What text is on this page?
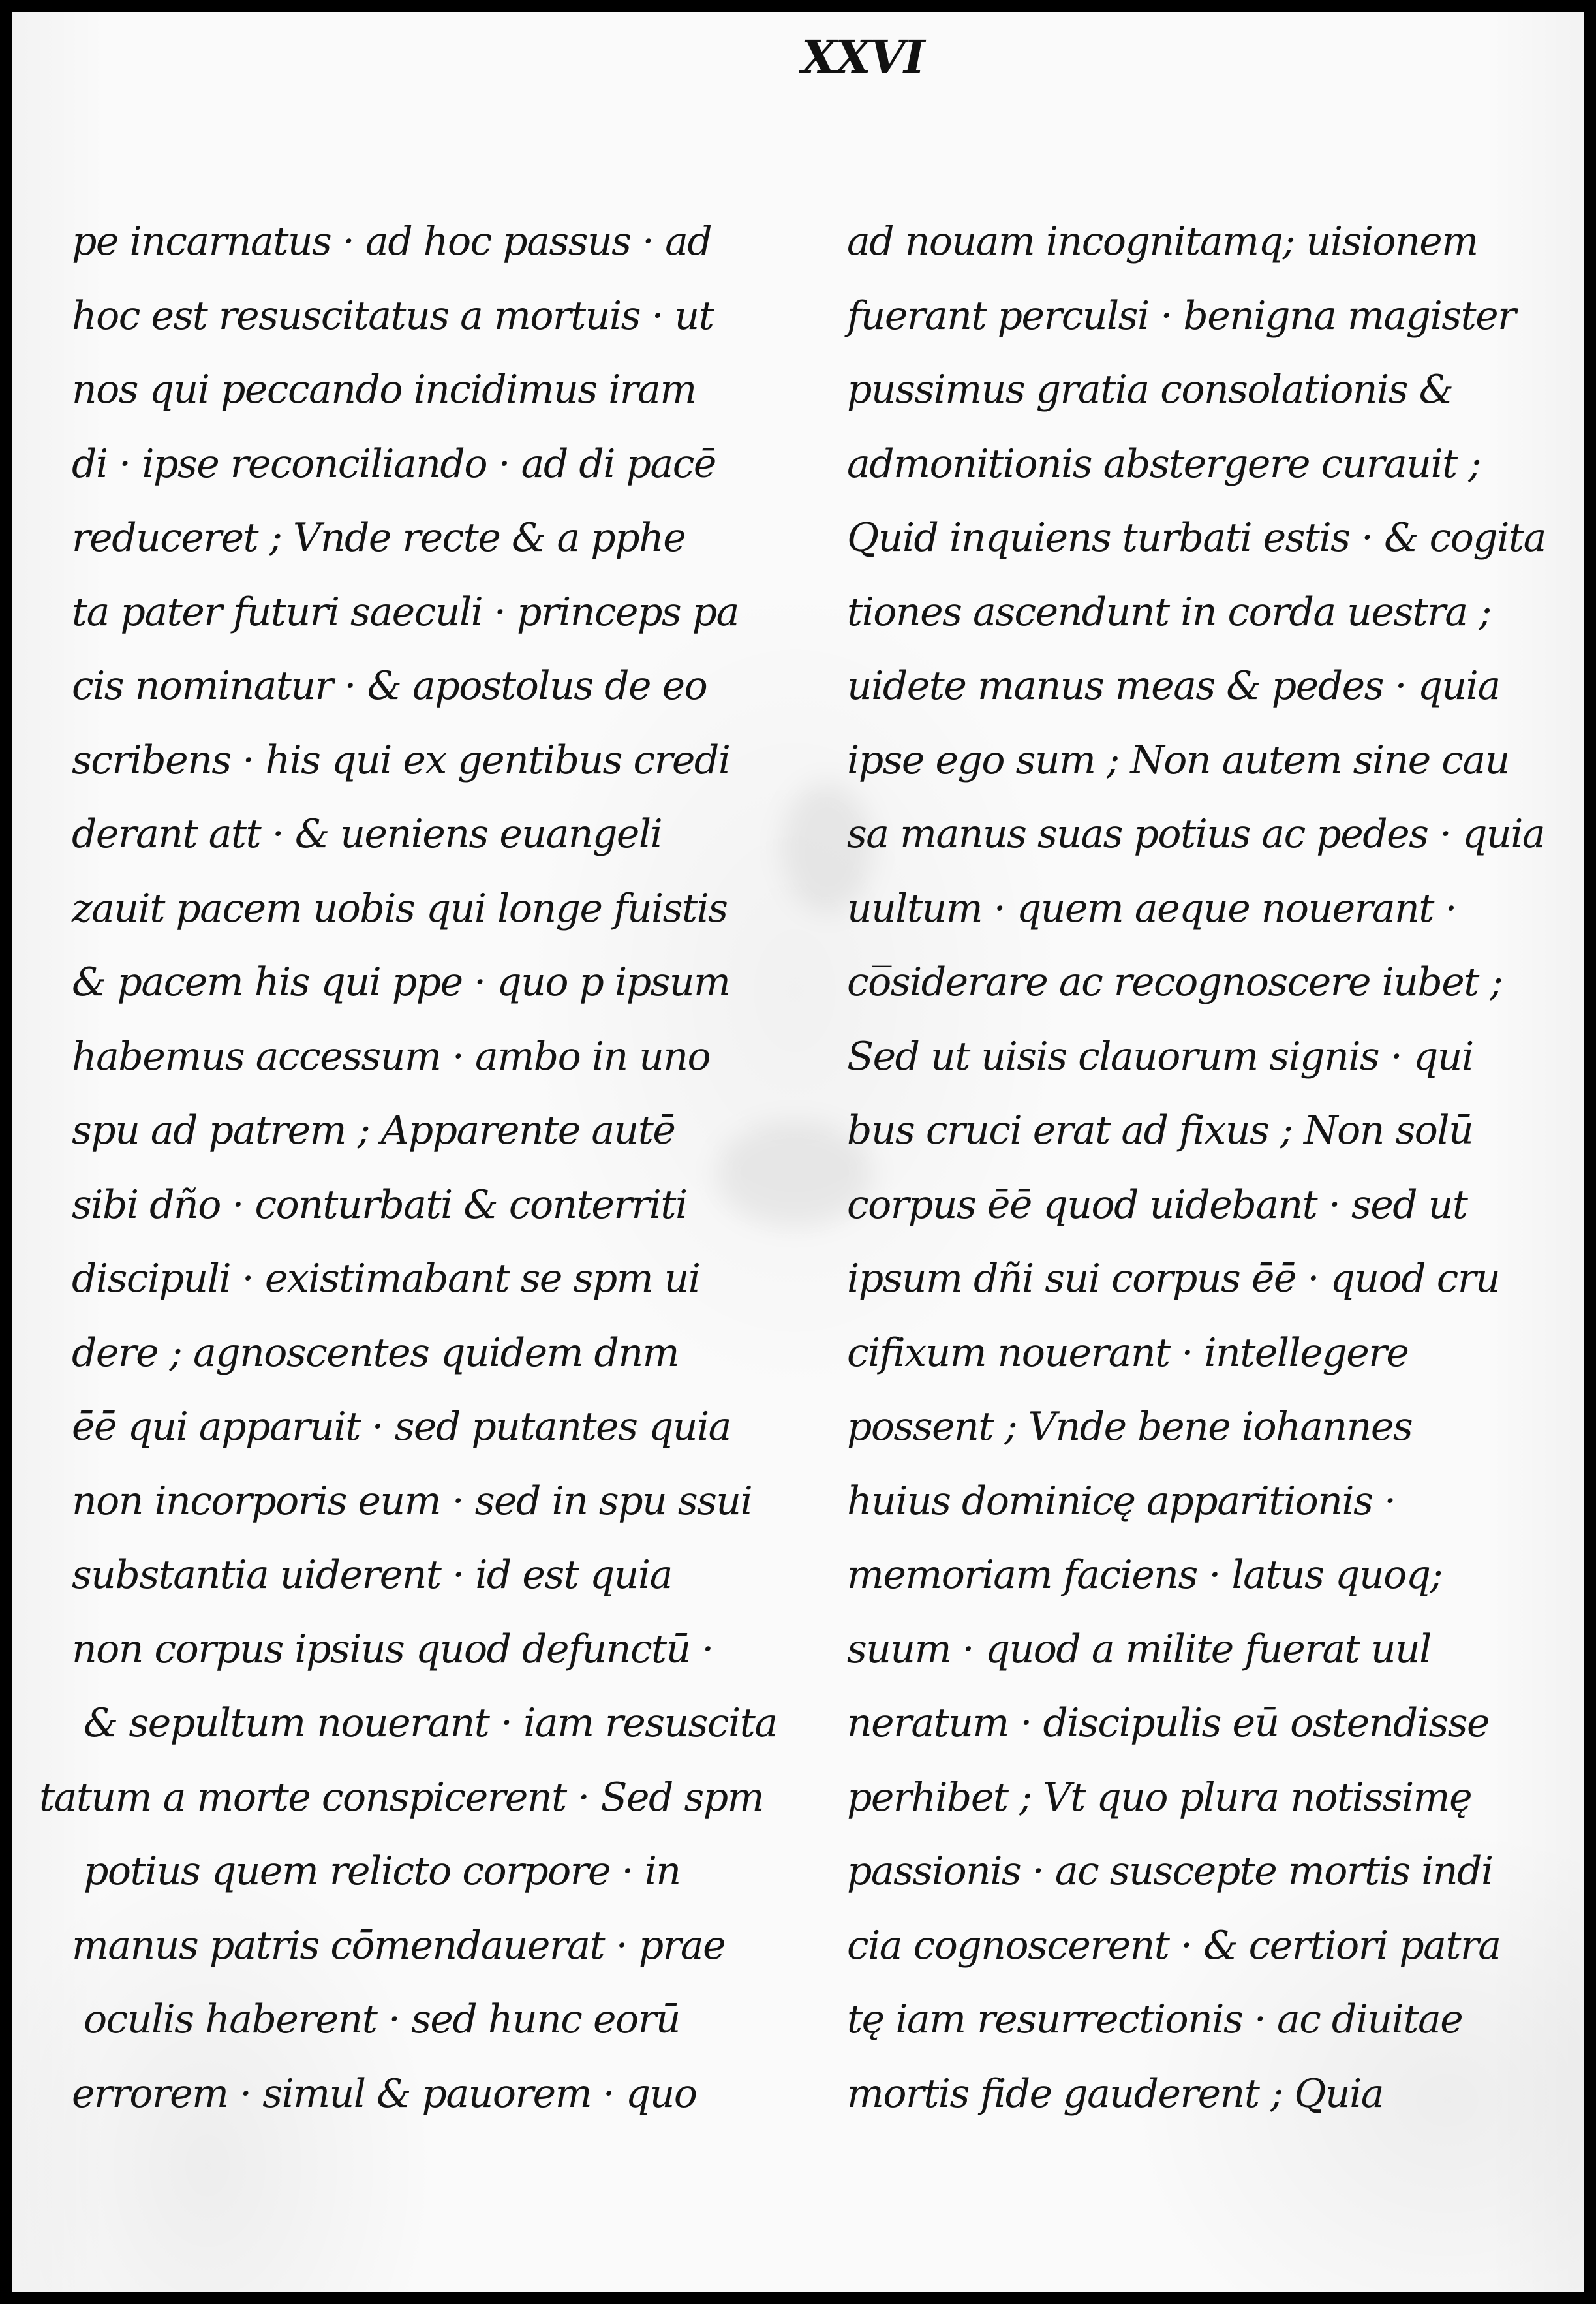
XXVI
pe incarnatus · ad hoc passus · ad
hoc est resuscitatus a mortuis · ut
nos qui peccando incidimus iram
di · ipse reconciliando · ad di pacē
reduceret ; Vnde recte & a pphe
ta pater futuri saeculi · princeps pa
cis nominatur · & apostolus de eo
scribens · his qui ex gentibus credi
derant att · & ueniens euangeli
zauit pacem uobis qui longe fuistis
& pacem his qui ppe · quo p ipsum
habemus accessum · ambo in uno
spu ad patrem ; Apparente autē
sibi dño · conturbati & conterriti
discipuli · existimabant se spm ui
dere ; agnoscentes quidem dnm
ēē qui apparuit · sed putantes quia
non incorporis eum · sed in spu ssui
substantia uiderent · id est quia
non corpus ipsius quod defunctū ·
& sepultum nouerant · iam resuscita
tatum a morte conspicerent · Sed spm
potius quem relicto corpore · in
manus patris cōmendauerat · prae
oculis haberent · sed hunc eorū
errorem · simul & pauorem · quo
ad nouam incognitamq; uisionem
fuerant perculsi · benigna magister
pussimus gratia consolationis &
admonitionis abstergere curauit ;
Quid inquiens turbati estis · & cogita
tiones ascendunt in corda uestra ;
uidete manus meas & pedes · quia
ipse ego sum ; Non autem sine cau
sa manus suas potius ac pedes · quia
uultum · quem aeque nouerant ·
co̅siderare ac recognoscere iubet ;
Sed ut uisis clauorum signis · qui
bus cruci erat ad fixus ; Non solū
corpus ēē quod uidebant · sed ut
ipsum dñi sui corpus ēē · quod cru
cifixum nouerant · intellegere
possent ; Vnde bene iohannes
huius dominicę apparitionis ·
memoriam faciens · latus quoq;
suum · quod a milite fuerat uul
neratum · discipulis eū ostendisse
perhibet ; Vt quo plura notissimę
passionis · ac suscepte mortis indi
cia cognoscerent · & certiori patra
tę iam resurrectionis · ac diuitae
mortis fide gauderent ; Quia
